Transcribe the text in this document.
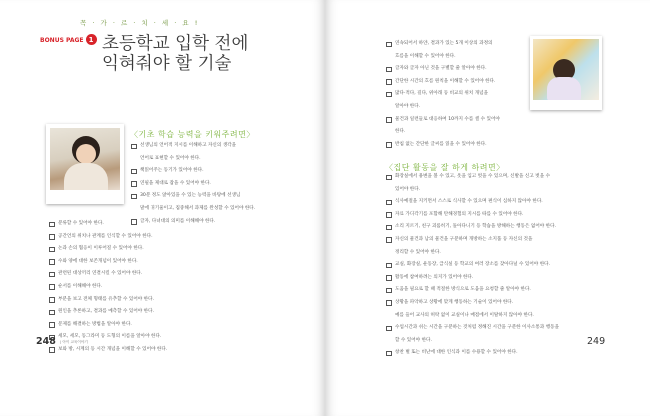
꼭 · 가 · 르 · 치 · 세 · 요 !
BONUS PAGE 1 초등학교 입학 전에
익혀줘야 할 기술
〈기초 학습 능력을 키워주려면〉
선생님의 언어적 지시를 이해하고 자신의 생각을
언어로 표현할 수 있어야 한다.
책읽어주는 동기가 있어야 한다.
연필을 제대로 잡을 수 있어야 한다.
30분 정도 앉아있을 수 있는 능력을 바탕에 선생님
말에 귀기울이고, 집중해서 과제를 완성할 수 있어야 한다.
글자, 다녀대의 의미를 이해해야 한다.
분류할 수 있어야 한다.
공간언의 위치나 관계를 인식할 수 있어야 한다.
논과 손의 협응이 이루어질 수 있어야 한다.
수와 양에 대한 보존개념이 있어야 한다.
관련된 대상끼리 연결시킬 수 있어야 한다.
순서를 이해해야 한다.
부분을 보고 전체 형태를 유추할 수 있어야 한다.
원인을 추론하고, 결과를 예측할 수 있어야 한다.
문제를 해결하는 방법을 알아야 한다.
세모, 세모, 동그라미 등 도형의 이름을 알아야 한다.
보와 방, 시계의 등 시간 개념을 이해할 수 있어야 한다.
248 | 아이 교육이야기
연속되어서 하얀, 결과가 있는 5개 이상의 과정의
흐름을 이해할 수 있어야 한다.
글자와 글자 아닌 것을 구별할 줄 알아야 한다.
간단한 시간의 흐름 원칙을 이해할 수 있어야 한다.
많다·적다, 길다, 위아래 등 비교의 위치 개념을
알아야 한다.
물건과 일련들로 대응하여 10까지 수를 셀 수 있어야
한다.
반침 없는 간단한 글씨를 읽을 수 있어야 한다.
〈집단 활동을 잘 하게 하려면〉
화장실에서 용변을 볼 수 있고, 옷을 입고 벗을 수 있으며, 신발을 신고 벗을 수
있어야 한다.
식사예절을 지키면서 스스로 식사할 수 있으며 편식이 심하지 않아야 한다.
자료 가디각기를 포함해 탄해경험의 지시를 따를 수 있어야 한다.
소리 지르기, 친구 괴롭히기, 돌아다니기 등 학습을 방해하는 행동은 없어야 한다.
자신의 물건과 남의 물건을 구분하며 개방하는 소지품 등 자신의 것을
정리할 수 있어야 한다.
교실, 화장실, 운동장, 급식실 등 학교의 여러 장소를 찾아다닐 수 있어야 한다.
활동에 참여하려는 의지가 있어야 한다.
도움을 필요로 할 때 적절한 방식으로 도움을 요청할 줄 알아야 한다.
상황을 파악하고 상황에 맞게 행동하는 기술이 있어야 한다.
예를 들어 교사의 허락 없이 교실이나 매점에서 이탈하지 않아야 한다.
수업시간과 쉬는 시간을 구분하는 것처럼 정해진 시간을 구분한 이사소통과 행동을
할 수 있어야 한다.
창찬 벌 또는 비난에 대한 인식과 이를 수용할 수 있어야 한다.
249
